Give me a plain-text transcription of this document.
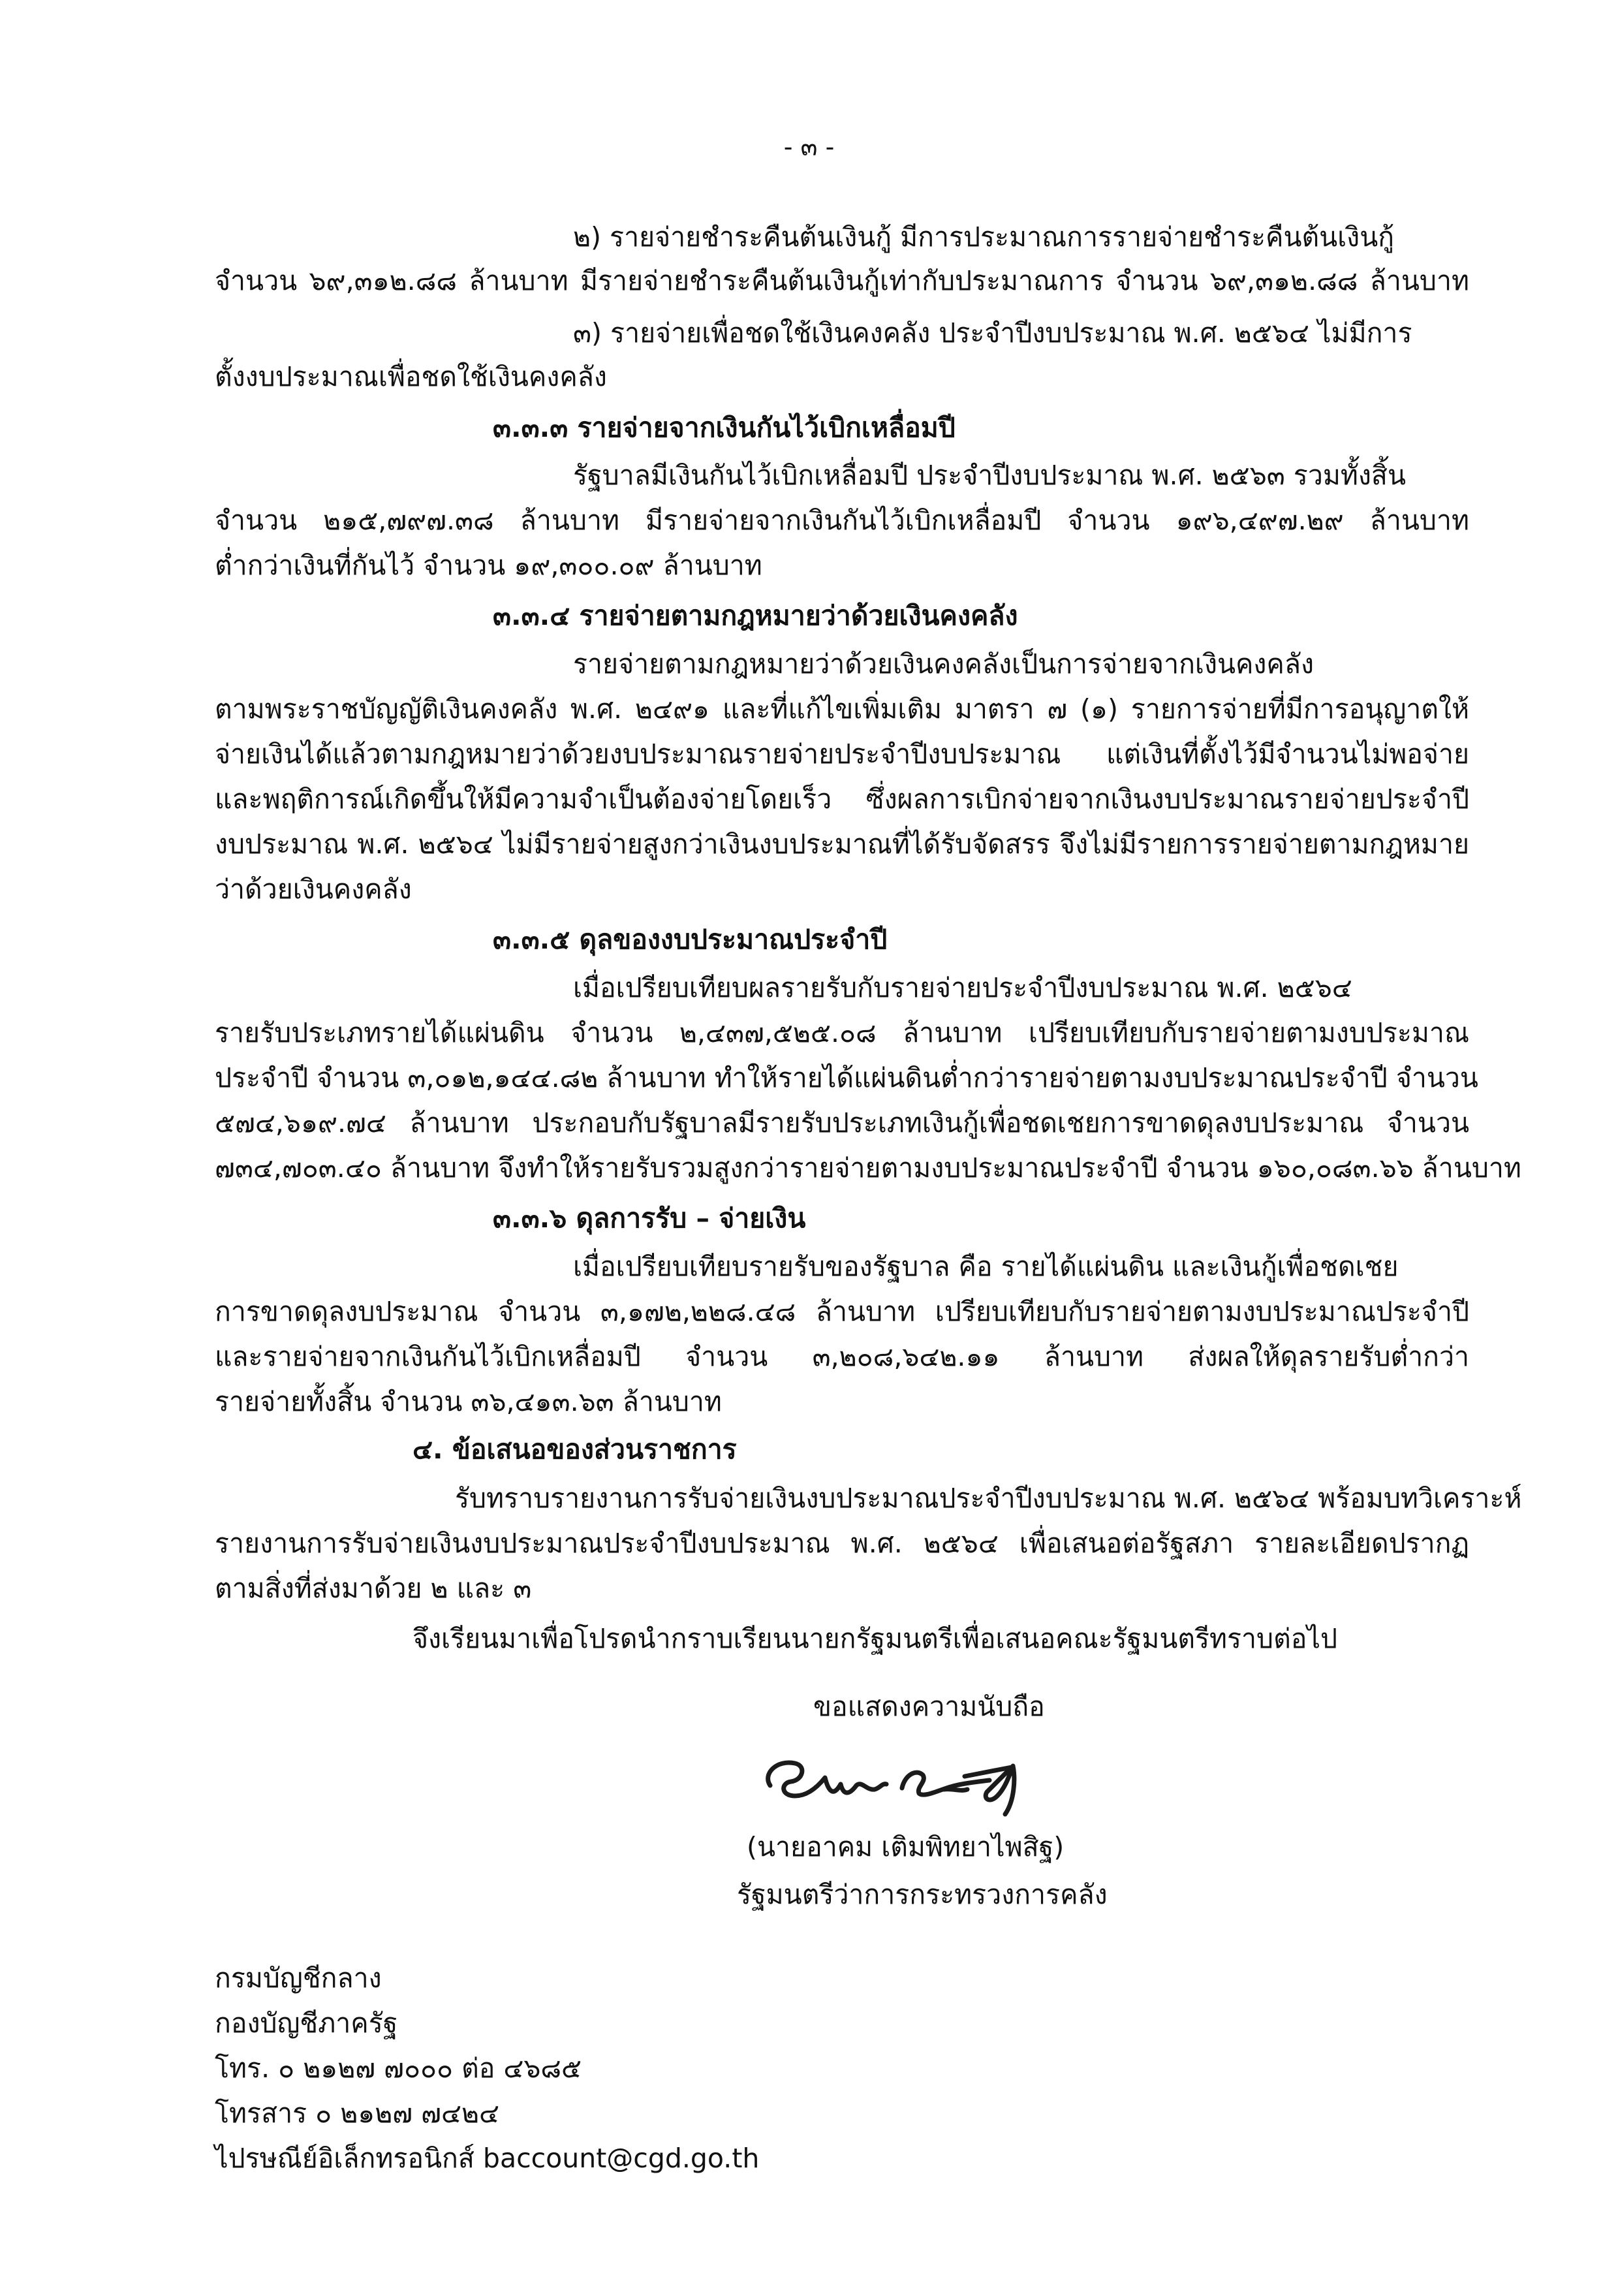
- ๓ -
๒) รายจ่ายชำระคืนต้นเงินกู้ มีการประมาณการรายจ่ายชำระคืนต้นเงินกู้
จำนวน ๖๙,๓๑๒.๘๘ ล้านบาท มีรายจ่ายชำระคืนต้นเงินกู้เท่ากับประมาณการ จำนวน ๖๙,๓๑๒.๘๘ ล้านบาท
๓) รายจ่ายเพื่อชดใช้เงินคงคลัง ประจำปีงบประมาณ พ.ศ. ๒๕๖๔ ไม่มีการ
ตั้งงบประมาณเพื่อชดใช้เงินคงคลัง
๓.๓.๓ รายจ่ายจากเงินกันไว้เบิกเหลื่อมปี
รัฐบาลมีเงินกันไว้เบิกเหลื่อมปี ประจำปีงบประมาณ พ.ศ. ๒๕๖๓ รวมทั้งสิ้น
จำนวน ๒๑๕,๗๙๗.๓๘ ล้านบาท มีรายจ่ายจากเงินกันไว้เบิกเหลื่อมปี จำนวน ๑๙๖,๔๙๗.๒๙ ล้านบาท
ต่ำกว่าเงินที่กันไว้ จำนวน ๑๙,๓๐๐.๐๙ ล้านบาท
๓.๓.๔ รายจ่ายตามกฎหมายว่าด้วยเงินคงคลัง
รายจ่ายตามกฎหมายว่าด้วยเงินคงคลังเป็นการจ่ายจากเงินคงคลัง
ตามพระราชบัญญัติเงินคงคลัง พ.ศ. ๒๔๙๑ และที่แก้ไขเพิ่มเติม มาตรา ๗ (๑) รายการจ่ายที่มีการอนุญาตให้
จ่ายเงินได้แล้วตามกฎหมายว่าด้วยงบประมาณรายจ่ายประจำปีงบประมาณ แต่เงินที่ตั้งไว้มีจำนวนไม่พอจ่าย
และพฤติการณ์เกิดขึ้นให้มีความจำเป็นต้องจ่ายโดยเร็ว ซึ่งผลการเบิกจ่ายจากเงินงบประมาณรายจ่ายประจำปี
งบประมาณ พ.ศ. ๒๕๖๔ ไม่มีรายจ่ายสูงกว่าเงินงบประมาณที่ได้รับจัดสรร จึงไม่มีรายการรายจ่ายตามกฎหมาย
ว่าด้วยเงินคงคลัง
๓.๓.๕ ดุลของงบประมาณประจำปี
เมื่อเปรียบเทียบผลรายรับกับรายจ่ายประจำปีงบประมาณ พ.ศ. ๒๕๖๔
รายรับประเภทรายได้แผ่นดิน จำนวน ๒,๔๓๗,๕๒๕.๐๘ ล้านบาท เปรียบเทียบกับรายจ่ายตามงบประมาณ
ประจำปี จำนวน ๓,๐๑๒,๑๔๔.๘๒ ล้านบาท ทำให้รายได้แผ่นดินต่ำกว่ารายจ่ายตามงบประมาณประจำปี จำนวน
๕๗๔,๖๑๙.๗๔ ล้านบาท ประกอบกับรัฐบาลมีรายรับประเภทเงินกู้เพื่อชดเชยการขาดดุลงบประมาณ จำนวน
๗๓๔,๗๐๓.๔๐ ล้านบาท จึงทำให้รายรับรวมสูงกว่ารายจ่ายตามงบประมาณประจำปี จำนวน ๑๖๐,๐๘๓.๖๖ ล้านบาท
๓.๓.๖ ดุลการรับ – จ่ายเงิน
เมื่อเปรียบเทียบรายรับของรัฐบาล คือ รายได้แผ่นดิน และเงินกู้เพื่อชดเชย
การขาดดุลงบประมาณ จำนวน ๓,๑๗๒,๒๒๘.๔๘ ล้านบาท เปรียบเทียบกับรายจ่ายตามงบประมาณประจำปี
และรายจ่ายจากเงินกันไว้เบิกเหลื่อมปี จำนวน ๓,๒๐๘,๖๔๒.๑๑ ล้านบาท ส่งผลให้ดุลรายรับต่ำกว่า
รายจ่ายทั้งสิ้น จำนวน ๓๖,๔๑๓.๖๓ ล้านบาท
๔. ข้อเสนอของส่วนราชการ
รับทราบรายงานการรับจ่ายเงินงบประมาณประจำปีงบประมาณ พ.ศ. ๒๕๖๔ พร้อมบทวิเคราะห์
รายงานการรับจ่ายเงินงบประมาณประจำปีงบประมาณ พ.ศ. ๒๕๖๔ เพื่อเสนอต่อรัฐสภา รายละเอียดปรากฏ
ตามสิ่งที่ส่งมาด้วย ๒ และ ๓
จึงเรียนมาเพื่อโปรดนำกราบเรียนนายกรัฐมนตรีเพื่อเสนอคณะรัฐมนตรีทราบต่อไป
ขอแสดงความนับถือ
(นายอาคม เติมพิทยาไพสิฐ)
รัฐมนตรีว่าการกระทรวงการคลัง
กรมบัญชีกลาง
กองบัญชีภาครัฐ
โทร. ๐ ๒๑๒๗ ๗๐๐๐ ต่อ ๔๖๘๕
โทรสาร ๐ ๒๑๒๗ ๗๔๒๔
ไปรษณีย์อิเล็กทรอนิกส์ baccount@cgd.go.th
